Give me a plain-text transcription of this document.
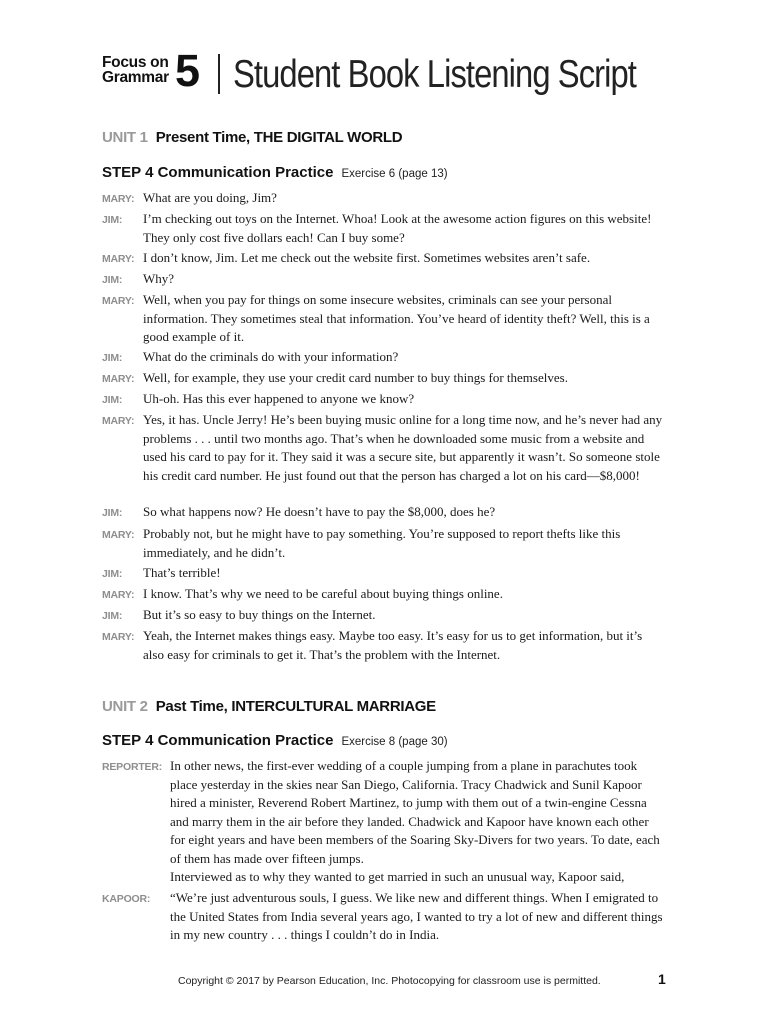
Focus on
Grammar 5 Student Book Listening Script
UNIT 1 Present Time, THE DIGITAL WORLD
STEP 4 Communication Practice Exercise 6 (page 13)
MARY: What are you doing, Jim?
JIM:	I’m checking out toys on the Internet. Whoa! Look at the awesome action figures on this website! They only cost five dollars each! Can I buy some?
MARY: I don’t know, Jim. Let me check out the website first. Sometimes websites aren’t safe.
JIM:	Why?
MARY: Well, when you pay for things on some insecure websites, criminals can see your personal information. They sometimes steal that information. You’ve heard of identity theft? Well, this is a good example of it.
JIM:	What do the criminals do with your information?
MARY: Well, for example, they use your credit card number to buy things for themselves.
JIM:	Uh-oh. Has this ever happened to anyone we know?
MARY: Yes, it has. Uncle Jerry! He’s been buying music online for a long time now, and he’s never had any problems . . . until two months ago. That’s when he downloaded some music from a website and used his card to pay for it. They said it was a secure site, but apparently it wasn’t. So someone stole his credit card number. He just found out that the person has charged a lot on his card—$8,000!
JIM:	So what happens now? He doesn’t have to pay the $8,000, does he?
MARY: Probably not, but he might have to pay something. You’re supposed to report thefts like this immediately, and he didn’t.
JIM:	That’s terrible!
MARY: I know. That’s why we need to be careful about buying things online.
JIM:	But it’s so easy to buy things on the Internet.
MARY: Yeah, the Internet makes things easy. Maybe too easy. It’s easy for us to get information, but it’s also easy for criminals to get it. That’s the problem with the Internet.
UNIT 2 Past Time, INTERCULTURAL MARRIAGE
STEP 4 Communication Practice Exercise 8 (page 30)
REPORTER: In other news, the first-ever wedding of a couple jumping from a plane in parachutes took place yesterday in the skies near San Diego, California. Tracy Chadwick and Sunil Kapoor hired a minister, Reverend Robert Martinez, to jump with them out of a twin-engine Cessna and marry them in the air before they landed. Chadwick and Kapoor have known each other for eight years and have been members of the Soaring Sky-Divers for two years. To date, each of them has made over fifteen jumps.
Interviewed as to why they wanted to get married in such an unusual way, Kapoor said,
KAPOOR:	“We’re just adventurous souls, I guess. We like new and different things. When I emigrated to the United States from India several years ago, I wanted to try a lot of new and different things in my new country . . . things I couldn’t do in India.
Copyright © 2017 by Pearson Education, Inc. Photocopying for classroom use is permitted.	1
